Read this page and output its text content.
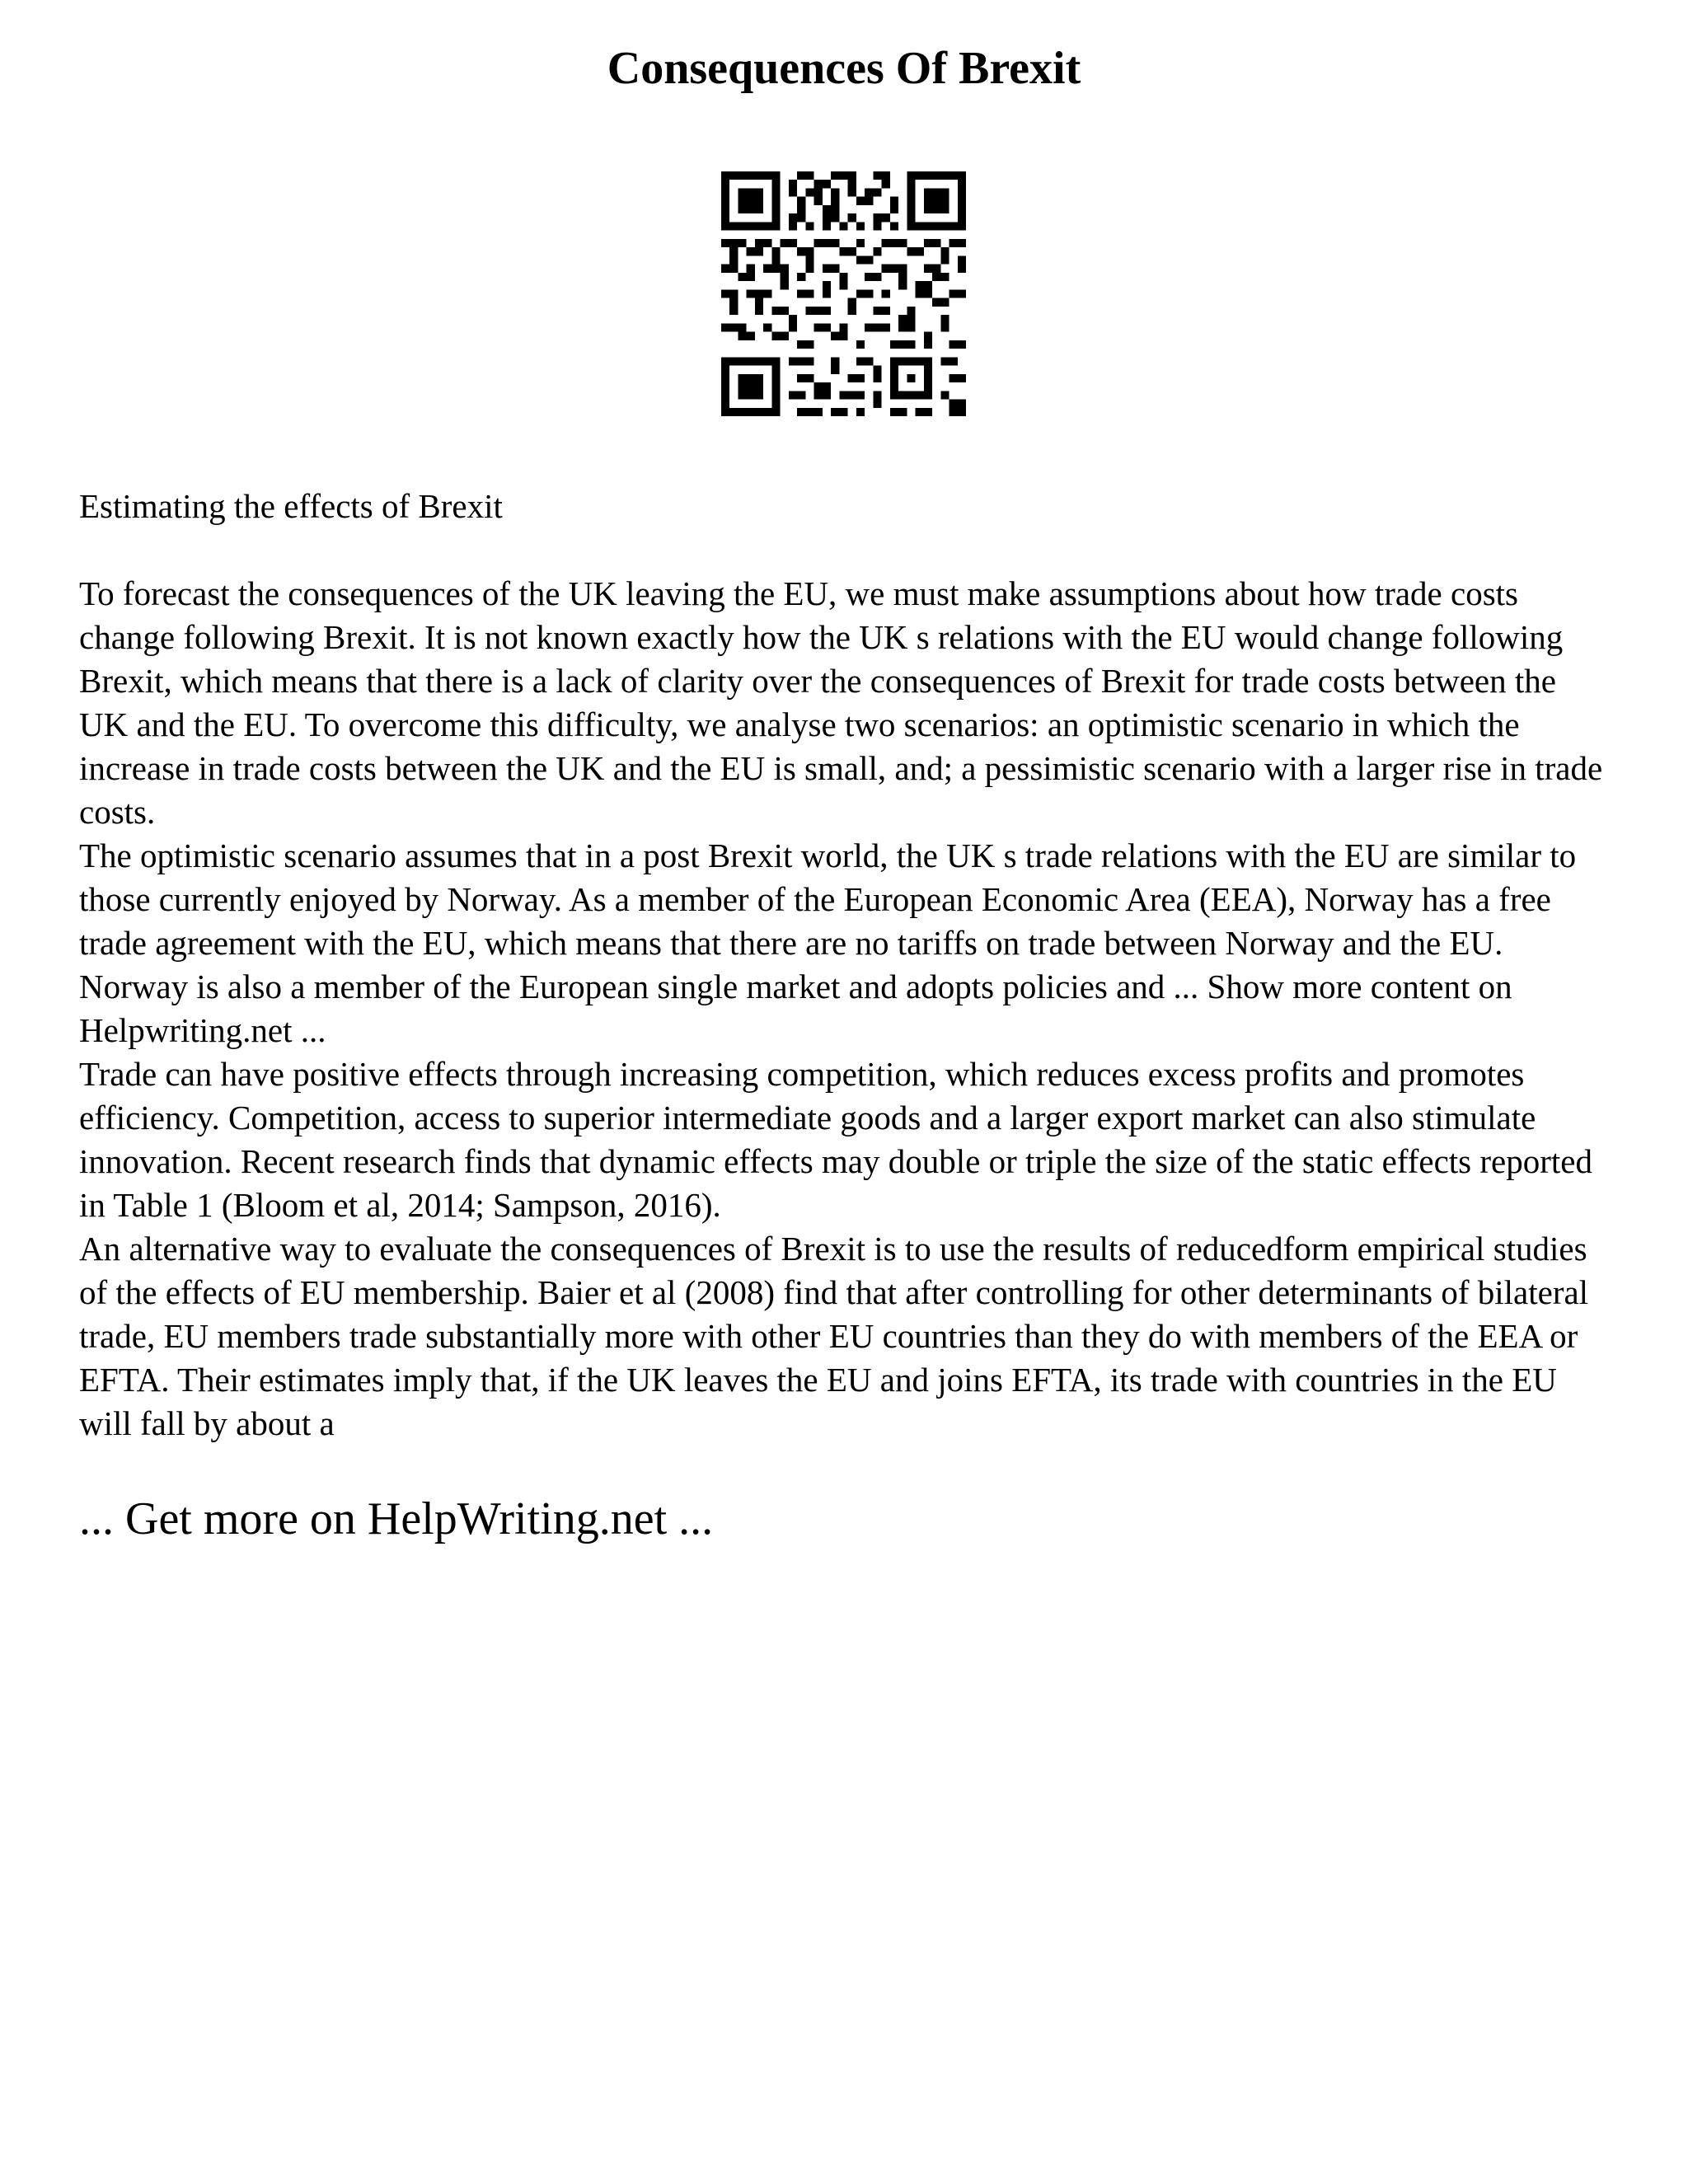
Consequences Of Brexit

Estimating the effects of Brexit

To forecast the consequences of the UK leaving the EU, we must make assumptions about how trade costs change following Brexit. It is not known exactly how the UK s relations with the EU would change following Brexit, which means that there is a lack of clarity over the consequences of Brexit for trade costs between the UK and the EU. To overcome this difficulty, we analyse two scenarios: an optimistic scenario in which the increase in trade costs between the UK and the EU is small, and; a pessimistic scenario with a larger rise in trade costs.

The optimistic scenario assumes that in a post Brexit world, the UK s trade relations with the EU are similar to those currently enjoyed by Norway. As a member of the European Economic Area (EEA), Norway has a free trade agreement with the EU, which means that there are no tariffs on trade between Norway and the EU. Norway is also a member of the European single market and adopts policies and ... Show more content on Helpwriting.net ...

Trade can have positive effects through increasing competition, which reduces excess profits and promotes efficiency. Competition, access to superior intermediate goods and a larger export market can also stimulate innovation. Recent research finds that dynamic effects may double or triple the size of the static effects reported in Table 1 (Bloom et al, 2014; Sampson, 2016).

An alternative way to evaluate the consequences of Brexit is to use the results of reducedform empirical studies of the effects of EU membership. Baier et al (2008) find that after controlling for other determinants of bilateral trade, EU members trade substantially more with other EU countries than they do with members of the EEA or EFTA. Their estimates imply that, if the UK leaves the EU and joins EFTA, its trade with countries in the EU will fall by about a

... Get more on HelpWriting.net ...
